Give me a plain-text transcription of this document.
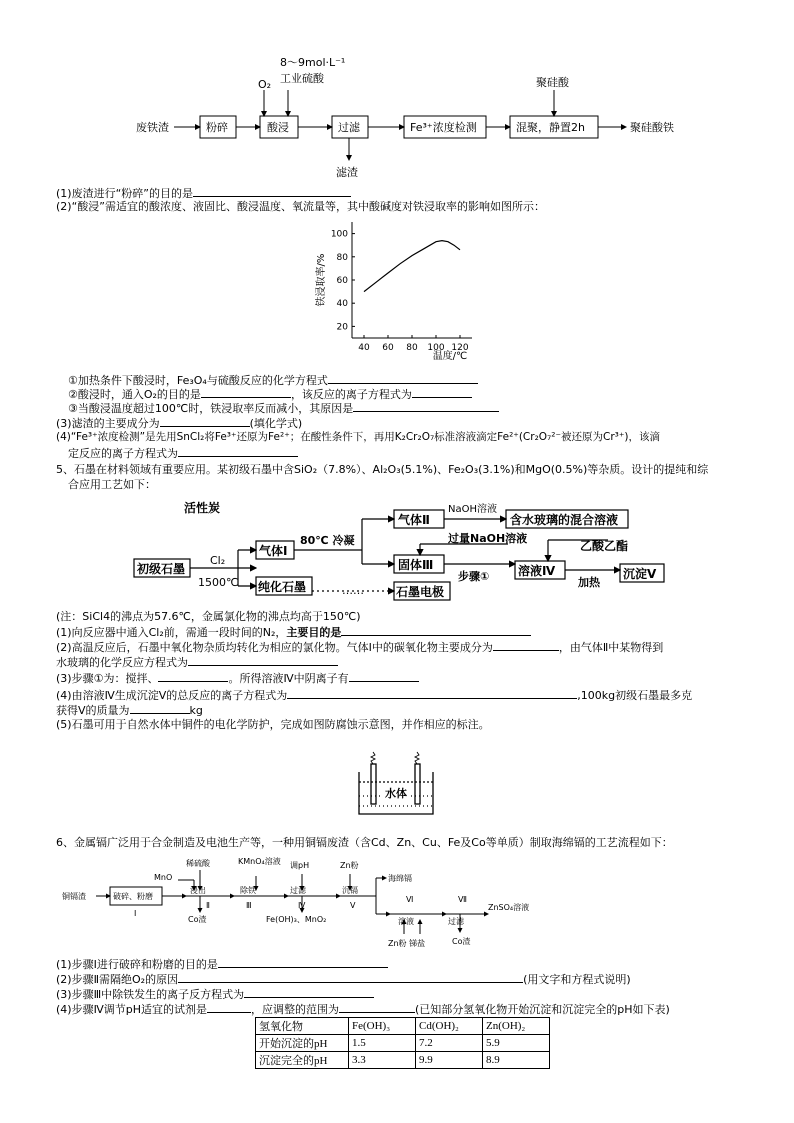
8～9mol·L⁻¹
工业硫酸
O₂
废铁渣	粉碎	酸浸	过滤	Fe³⁺浓度检测	混聚，静置2h
聚硅酸
聚硅酸铁
滤渣
(1)废渣进行“粉碎”的目的是
(2)“酸浸”需适宜的酸浓度、液固比、酸浸温度、氧流量等，其中酸碱度对铁浸取率的影响如图所示：
20
40
60
80
100
40 60 80 100 120
温度/℃
铁浸取率/%
①加热条件下酸浸时，Fe₃O₄与硫酸反应的化学方程式
②酸浸时，通入O₂的目的是	，该反应的离子方程式为
③当酸浸温度超过100℃时，铁浸取率反而减小，其原因是
(3)滤渣的主要成分为	(填化学式)
(4)“Fe³⁺浓度检测”是先用SnCl₂将Fe³⁺还原为Fe²⁺；在酸性条件下，再用K₂Cr₂O₇标准溶液滴定Fe²⁺(Cr₂O₇²⁻被还原为Cr³⁺)，该滴
定反应的离子方程式为
5、石墨在材料领域有重要应用。某初级石墨中含SiO₂（7.8%）、Al₂O₃(5.1%)、Fe₂O₃(3.1%)和MgO(0.5%)等杂质。设计的提纯和综
合应用工艺如下：
活性炭
Cl₂
1500℃
初级石墨
气体Ⅰ
80℃ 冷凝
气体Ⅱ
NaOH溶液
含水玻璃的混合溶液
过量NaOH溶液
固体Ⅲ
步骤① 溶液Ⅳ
乙酸乙酯
加热
沉淀Ⅴ
纯化石墨	……	石墨电极
(注：SiCl4的沸点为57.6℃，金属氯化物的沸点均高于150℃)
(1)向反应器中通入Cl₂前，需通一段时间的N₂，主要目的是
(2)高温反应后，石墨中氧化物杂质均转化为相应的氯化物。气体Ⅰ中的碳氧化物主要成分为	，由气体Ⅱ中某物得到
水玻璃的化学反应方程式为
(3)步骤①为：搅拌、	。所得溶液Ⅳ中阴离子有
(4)由溶液Ⅳ生成沉淀Ⅴ的总反应的离子方程式为	,100kg初级石墨最多克
获得Ⅴ的质量为	kg
(5)石墨可用于自然水体中铜件的电化学防护，完成如图防腐蚀示意图，并作相应的标注。
水体
6、金属镉广泛用于合金制造及电池生产等，一种用铜镉废渣（含Cd、Zn、Cu、Fe及Co等单质）制取海绵镉的工艺流程如下：
铜镉渣
MnO
稀硫酸	KMnO₄溶液 调pH	Zn粉
破碎、粉磨
浸出	除铁	过滤	沉镉
Ⅰ
Ⅱ	Ⅲ	Ⅳ	Ⅴ
Co渣	Fe(OH)₃、MnO₂
海绵镉
Ⅵ
溶液
Ⅶ
过滤
ZnSO₄溶液
Zn粉 锑盐	Co渣
(1)步骤Ⅰ进行破碎和粉磨的目的是
(2)步骤Ⅱ需隔绝O₂的原因	(用文字和方程式说明)
(3)步骤Ⅲ中除铁发生的离子反方程式为
(4)步骤Ⅳ调节pH适宜的试剂是	，应调整的范围为	(已知部分氢氧化物开始沉淀和沉淀完全的pH如下表)
氢氧化物	Fe(OH)₃	Cd(OH)₂	Zn(OH)₂
开始沉淀的pH	1.5	7.2	5.9
沉淀完全的pH	3.3	9.9	8.9
